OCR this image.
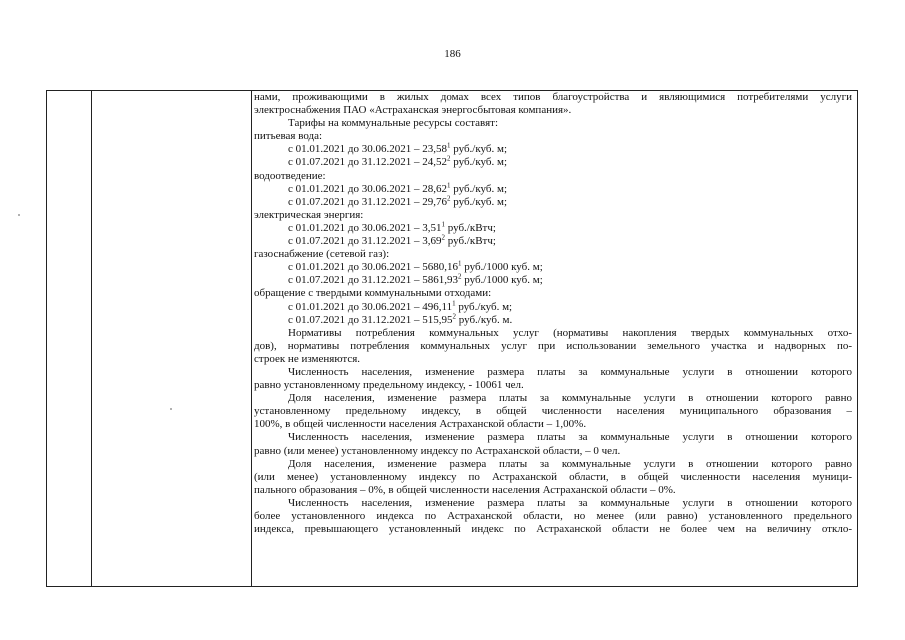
186
нами, проживающими в жилых домах всех типов благоустройства и являющимися потребителями услуги
электроснабжения ПАО «Астраханская энергосбытовая компания».
Тарифы на коммунальные ресурсы составят:
питьевая вода:
с 01.01.2021 до 30.06.2021 – 23,58$^1$ руб./куб. м;
с 01.07.2021 до 31.12.2021 – 24,52$^2$ руб./куб. м;
водоотведение:
с 01.01.2021 до 30.06.2021 – 28,62$^1$ руб./куб. м;
с 01.07.2021 до 31.12.2021 – 29,76$^2$ руб./куб. м;
электрическая энергия:
с 01.01.2021 до 30.06.2021 – 3,51$^1$ руб./кВтч;
с 01.07.2021 до 31.12.2021 – 3,69$^2$ руб./кВтч;
газоснабжение (сетевой газ):
с 01.01.2021 до 30.06.2021 – 5680,16$^1$ руб./1000 куб. м;
с 01.07.2021 до 31.12.2021 – 5861,93$^2$ руб./1000 куб. м;
обращение с твердыми коммунальными отходами:
с 01.01.2021 до 30.06.2021 – 496,11$^1$ руб./куб. м;
с 01.07.2021 до 31.12.2021 – 515,95$^2$ руб./куб. м.
Нормативы потребления коммунальных услуг (нормативы накопления твердых коммунальных отхо-
дов), нормативы потребления коммунальных услуг при использовании земельного участка и надворных по-
строек не изменяются.
Численность населения, изменение размера платы за коммунальные услуги в отношении которого
равно установленному предельному индексу, - 10061 чел.
Доля населения, изменение размера платы за коммунальные услуги в отношении которого равно
установленному предельному индексу, в общей численности населения муниципального образования –
100%, в общей численности населения Астраханской области – 1,00%.
Численность населения, изменение размера платы за коммунальные услуги в отношении которого
равно (или менее) установленному индексу по Астраханской области, – 0 чел.
Доля населения, изменение размера платы за коммунальные услуги в отношении которого равно
(или менее) установленному индексу по Астраханской области, в общей численности населения муници-
пального образования – 0%, в общей численности населения Астраханской области – 0%.
Численность населения, изменение размера платы за коммунальные услуги в отношении которого
более установленного индекса по Астраханской области, но менее (или равно) установленного предельного
индекса, превышающего установленный индекс по Астраханской области не более чем на величину откло-
